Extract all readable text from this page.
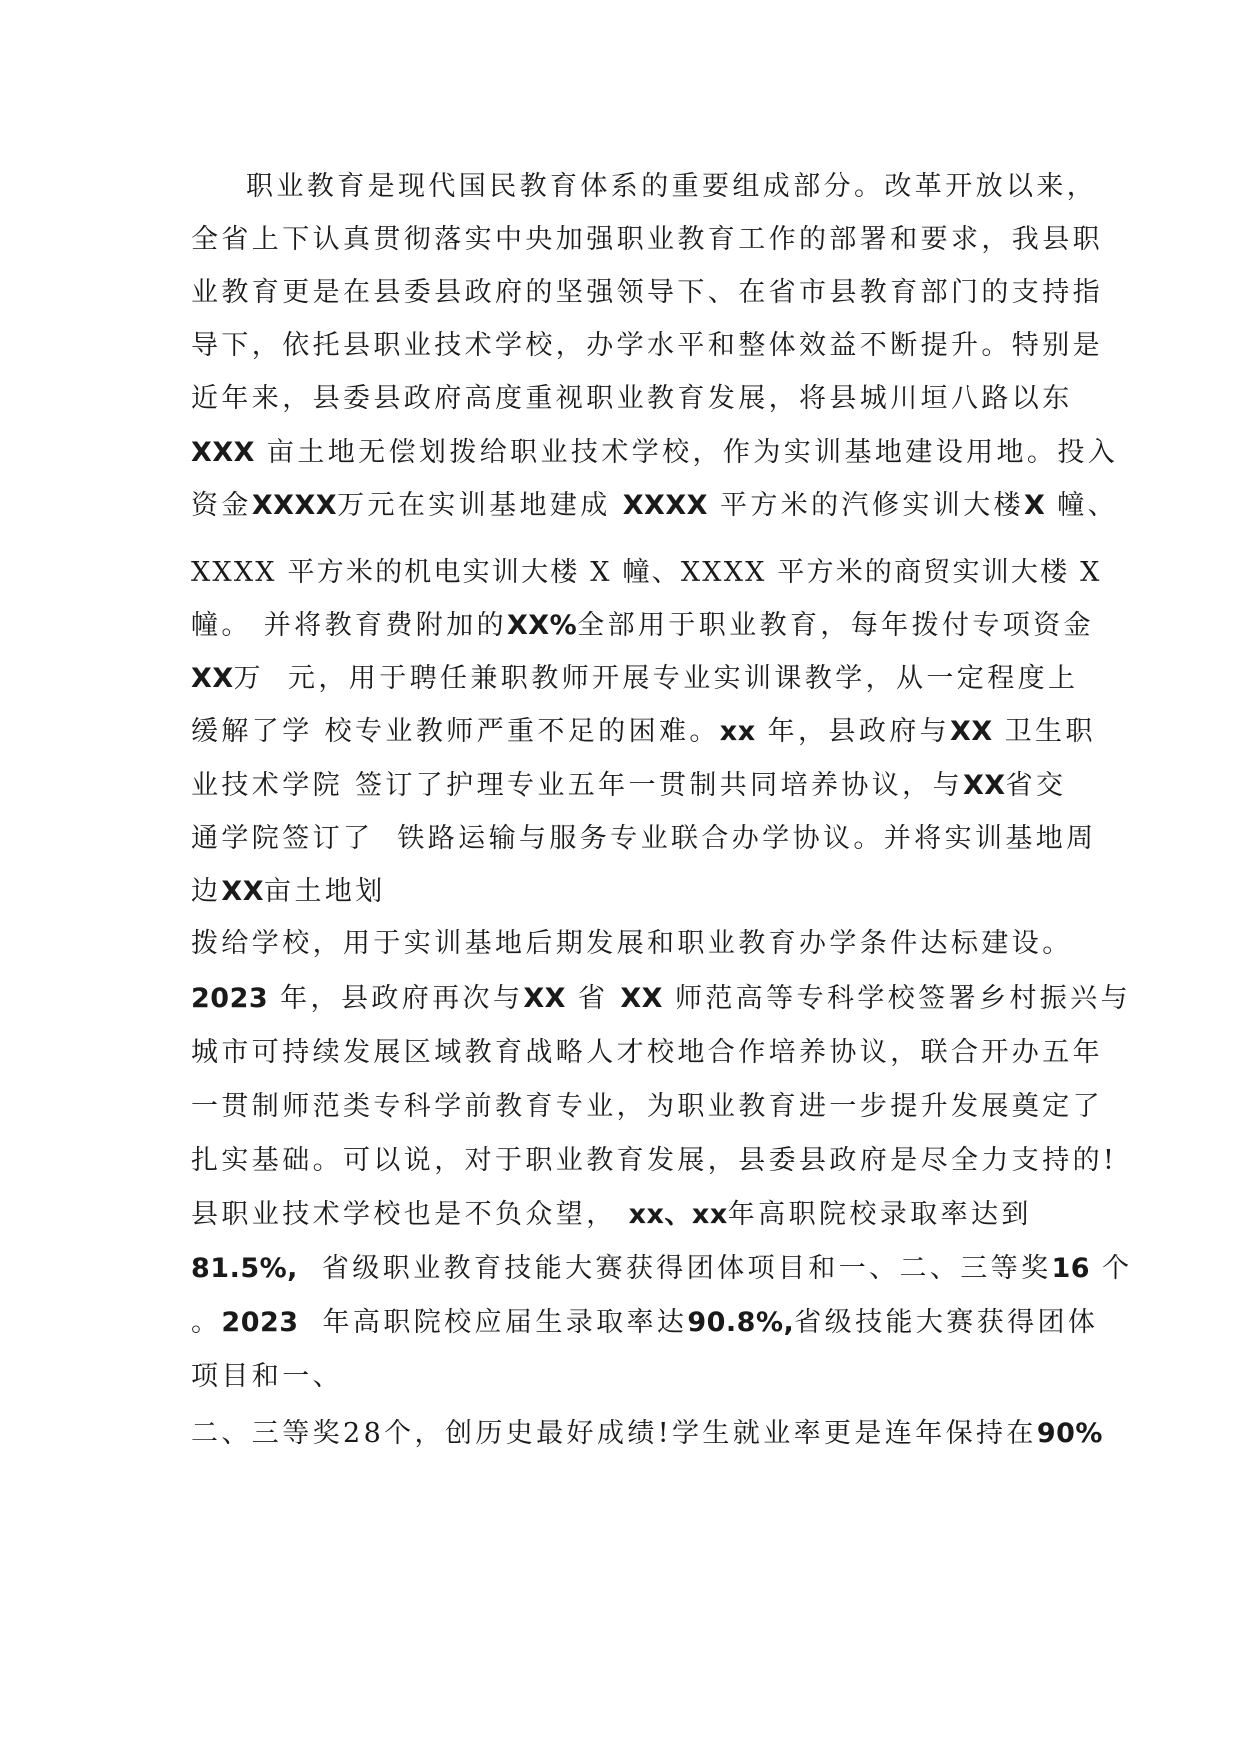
职业教育是现代国民教育体系的重要组成部分。改革开放以来，
全省上下认真贯彻落实中央加强职业教育工作的部署和要求，我县职
业教育更是在县委县政府的坚强领导下、在省市县教育部门的支持指
导下，依托县职业技术学校，办学水平和整体效益不断提升。特别是
近年来，县委县政府高度重视职业教育发展，将县城川垣八路以东
XXX 亩土地无偿划拨给职业技术学校，作为实训基地建设用地。投入
资金XXXX万元在实训基地建成 XXXX 平方米的汽修实训大楼X 幢、
XXXX 平方米的机电实训大楼 X 幢、XXXX 平方米的商贸实训大楼 X
幢。 并将教育费附加的XX%全部用于职业教育，每年拨付专项资金
XX万  元，用于聘任兼职教师开展专业实训课教学，从一定程度上
缓解了学 校专业教师严重不足的困难。xx 年，县政府与XX 卫生职
业技术学院 签订了护理专业五年一贯制共同培养协议，与XX省交
通学院签订了  铁路运输与服务专业联合办学协议。并将实训基地周
边XX亩土地划
拨给学校，用于实训基地后期发展和职业教育办学条件达标建设。
2023 年，县政府再次与XX 省 XX 师范高等专科学校签署乡村振兴与
城市可持续发展区域教育战略人才校地合作培养协议，联合开办五年
一贯制师范类专科学前教育专业，为职业教育进一步提升发展奠定了
扎实基础。可以说，对于职业教育发展，县委县政府是尽全力支持的!
县职业技术学校也是不负众望， xx、xx年高职院校录取率达到
81.5%,  省级职业教育技能大赛获得团体项目和一、二、三等奖16 个
。2023  年高职院校应届生录取率达90.8%,省级技能大赛获得团体
项目和一、
二、三等奖28个，创历史最好成绩!学生就业率更是连年保持在90%
